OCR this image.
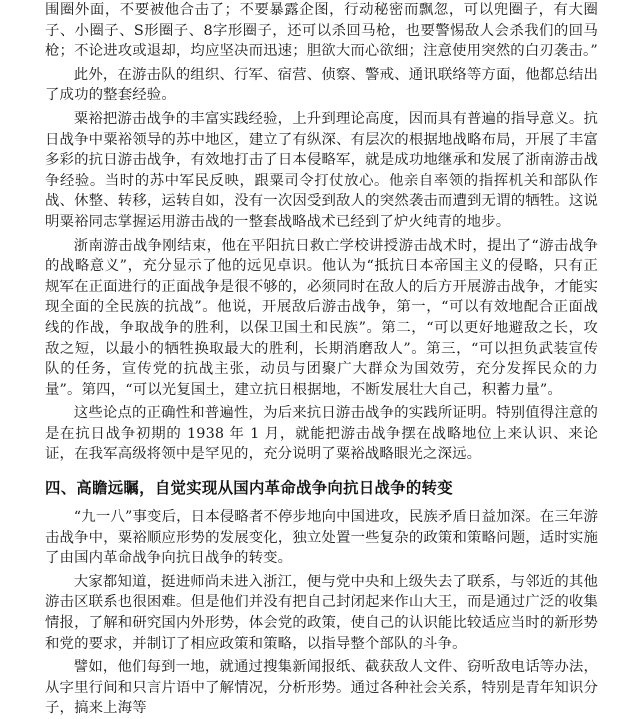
围圈外面，不要被他合击了；不要暴露企图，行动秘密而飘忽，可以兜圈子，有大圈子、小圈子、S形圈子、8字形圈子，还可以杀回马枪，也要警惕敌人会杀我们的回马枪；不论进攻或退却，均应坚决而迅速；胆欲大而心欲细；注意使用突然的白刃袭击。”

此外，在游击队的组织、行军、宿营、侦察、警戒、通讯联络等方面，他都总结出了成功的整套经验。

粟裕把游击战争的丰富实践经验，上升到理论高度，因而具有普遍的指导意义。抗日战争中粟裕领导的苏中地区，建立了有纵深、有层次的根据地战略布局，开展了丰富多彩的抗日游击战争，有效地打击了日本侵略军，就是成功地继承和发展了浙南游击战争经验。当时的苏中军民反映，跟粟司令打仗放心。他亲自率领的指挥机关和部队作战、休整、转移，运转自如，没有一次因受到敌人的突然袭击而遭到无谓的牺牲。这说明粟裕同志掌握运用游击战的一整套战略战术已经到了炉火纯青的地步。

浙南游击战争刚结束，他在平阳抗日救亡学校讲授游击战术时，提出了“游击战争的战略意义”，充分显示了他的远见卓识。他认为“抵抗日本帝国主义的侵略，只有正规军在正面进行的正面战争是很不够的，必须同时在敌人的后方开展游击战争，才能实现全面的全民族的抗战”。他说，开展敌后游击战争，第一，“可以有效地配合正面战线的作战，争取战争的胜利，以保卫国土和民族”。第二，“可以更好地避敌之长，攻敌之短，以最小的牺牲换取最大的胜利，长期消磨敌人”。第三，“可以担负武装宣传队的任务，宣传党的抗战主张，动员与团聚广大群众为国效劳，充分发挥民众的力量”。第四，“可以光复国土，建立抗日根据地，不断发展壮大自己，积蓄力量”。

这些论点的正确性和普遍性，为后来抗日游击战争的实践所证明。特别值得注意的是在抗日战争初期的 1938 年 1 月，就能把游击战争摆在战略地位上来认识、来论证，在我军高级将领中是罕见的，充分说明了粟裕战略眼光之深远。

四、高瞻远瞩，自觉实现从国内革命战争向抗日战争的转变

“九一八”事变后，日本侵略者不停步地向中国进攻，民族矛盾日益加深。在三年游击战争中，粟裕顺应形势的发展变化，独立处置一些复杂的政策和策略问题，适时实施了由国内革命战争向抗日战争的转变。

大家都知道，挺进师尚未进入浙江，便与党中央和上级失去了联系，与邻近的其他游击区联系也很困难。但是他们并没有把自己封闭起来作山大王，而是通过广泛的收集情报，了解和研究国内外形势，体会党的政策，使自己的认识能比较适应当时的新形势和党的要求，并制订了相应政策和策略，以指导整个部队的斗争。

譬如，他们每到一地，就通过搜集新闻报纸、截获敌人文件、窃听敌电话等办法，从字里行间和只言片语中了解情况，分析形势。通过各种社会关系，特别是青年知识分子，搞来上海等
